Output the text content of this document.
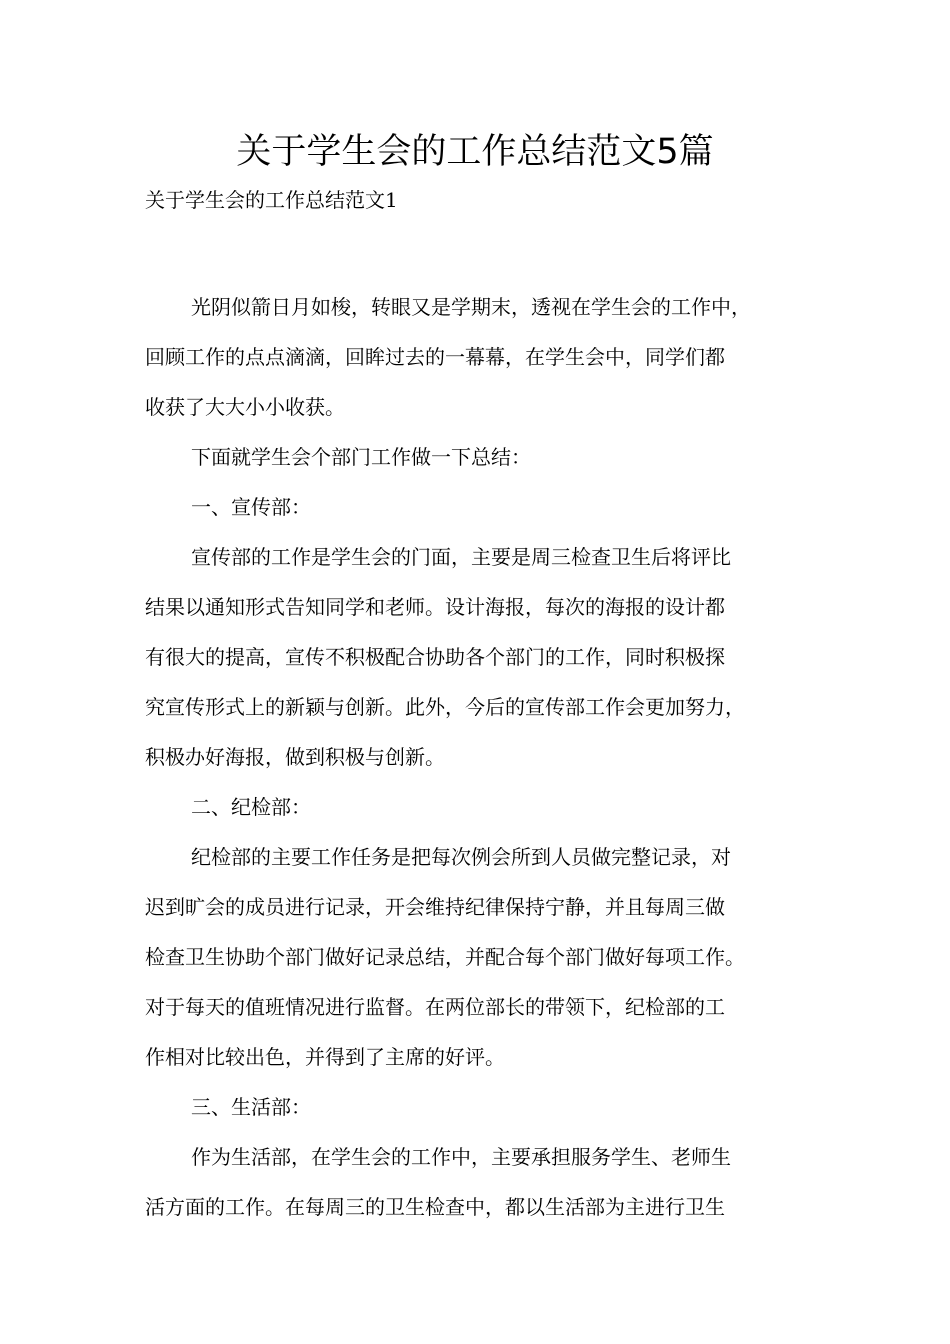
关于学生会的工作总结范文5篇
关于学生会的工作总结范文1

光阴似箭日月如梭，转眼又是学期末，透视在学生会的工作中，
回顾工作的点点滴滴，回眸过去的一幕幕，在学生会中，同学们都
收获了大大小小收获。

下面就学生会个部门工作做一下总结：

一、宣传部：

宣传部的工作是学生会的门面，主要是周三检查卫生后将评比
结果以通知形式告知同学和老师。设计海报，每次的海报的设计都
有很大的提高，宣传不积极配合协助各个部门的工作，同时积极探
究宣传形式上的新颖与创新。此外，今后的宣传部工作会更加努力，
积极办好海报，做到积极与创新。

二、纪检部：

纪检部的主要工作任务是把每次例会所到人员做完整记录，对
迟到旷会的成员进行记录，开会维持纪律保持宁静，并且每周三做
检查卫生协助个部门做好记录总结，并配合每个部门做好每项工作。
对于每天的值班情况进行监督。在两位部长的带领下，纪检部的工
作相对比较出色，并得到了主席的好评。

三、生活部：

作为生活部，在学生会的工作中，主要承担服务学生、老师生
活方面的工作。在每周三的卫生检查中，都以生活部为主进行卫生
